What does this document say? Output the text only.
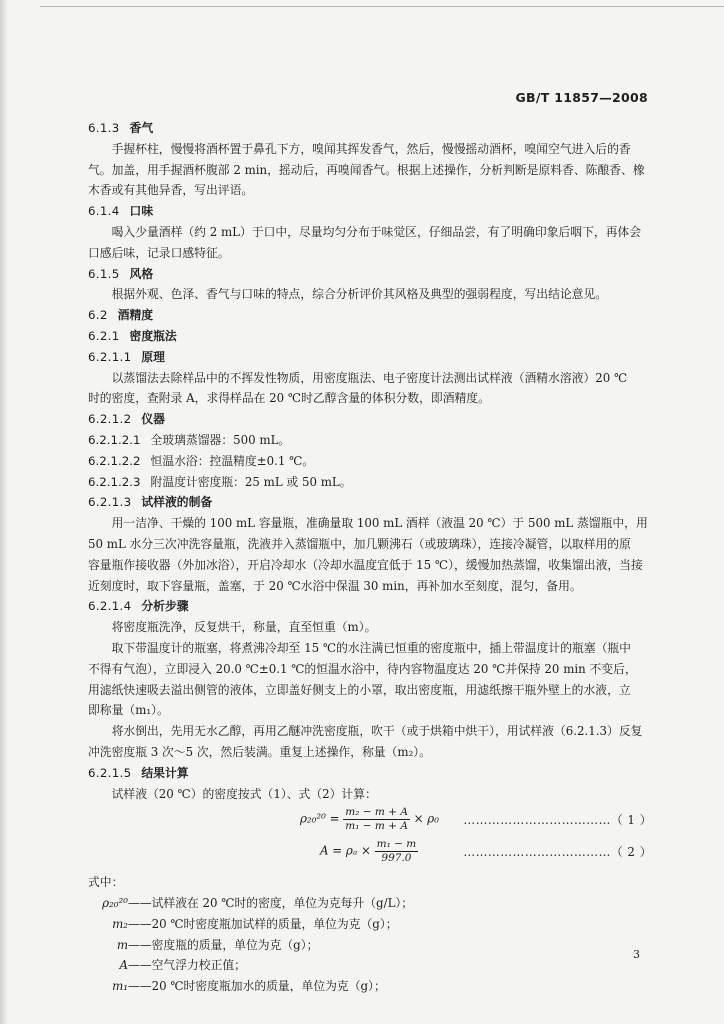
GB/T 11857—2008
6.1.3 香气
手握杯柱，慢慢将酒杯置于鼻孔下方，嗅闻其挥发香气，然后，慢慢摇动酒杯，嗅闻空气进入后的香
气。加盖，用手握酒杯腹部 2 min，摇动后，再嗅闻香气。根据上述操作，分析判断是原料香、陈酿香、橡
木香或有其他异香，写出评语。
6.1.4 口味
喝入少量酒样（约 2 mL）于口中，尽量均匀分布于味觉区，仔细品尝，有了明确印象后咽下，再体会
口感后味，记录口感特征。
6.1.5 风格
根据外观、色泽、香气与口味的特点，综合分析评价其风格及典型的强弱程度，写出结论意见。
6.2 酒精度
6.2.1 密度瓶法
6.2.1.1 原理
以蒸馏法去除样品中的不挥发性物质，用密度瓶法、电子密度计法测出试样液（酒精水溶液）20 ℃
时的密度，查附录 A，求得样品在 20 ℃时乙醇含量的体积分数，即酒精度。
6.2.1.2 仪器
6.2.1.2.1 全玻璃蒸馏器：500 mL。
6.2.1.2.2 恒温水浴：控温精度±0.1 ℃。
6.2.1.2.3 附温度计密度瓶：25 mL 或 50 mL。
6.2.1.3 试样液的制备
用一洁净、干燥的 100 mL 容量瓶，准确量取 100 mL 酒样（液温 20 ℃）于 500 mL 蒸馏瓶中，用
50 mL 水分三次冲洗容量瓶，洗液并入蒸馏瓶中，加几颗沸石（或玻璃珠），连接冷凝管，以取样用的原
容量瓶作接收器（外加冰浴），开启冷却水（冷却水温度宜低于 15 ℃），缓慢加热蒸馏，收集馏出液，当接
近刻度时，取下容量瓶，盖塞，于 20 ℃水浴中保温 30 min，再补加水至刻度，混匀，备用。
6.2.1.4 分析步骤
将密度瓶洗净，反复烘干，称量，直至恒重（m）。
取下带温度计的瓶塞，将煮沸冷却至 15 ℃的水注满已恒重的密度瓶中，插上带温度计的瓶塞（瓶中
不得有气泡），立即浸入 20.0 ℃±0.1 ℃的恒温水浴中，待内容物温度达 20 ℃并保持 20 min 不变后，
用滤纸快速吸去溢出侧管的液体，立即盖好侧支上的小罩，取出密度瓶，用滤纸擦干瓶外壁上的水液，立
即称量（m₁）。
将水倒出，先用无水乙醇，再用乙醚冲洗密度瓶，吹干（或于烘箱中烘干），用试样液（6.2.1.3）反复
冲洗密度瓶 3 次～5 次，然后装满。重复上述操作，称量（m₂）。
6.2.1.5 结果计算
试样液（20 ℃）的密度按式（1）、式（2）计算：
$\rho_{20}^{20} = \frac{\text{m₂ − m + A}}{\text{m₁ − m + A}} \times \rho_0$ ………………………………（ 1 ）
$A = \rho_a \times \frac{\text{m₁ − m}}{997.0}$	………………………………（ 2 ）
式中：
ρ₂₀²⁰——试样液在 20 ℃时的密度，单位为克每升（g/L）；
m₂——20 ℃时密度瓶加试样的质量，单位为克（g）；
m——密度瓶的质量，单位为克（g）；
A——空气浮力校正值；
m₁——20 ℃时密度瓶加水的质量，单位为克（g）；
3
